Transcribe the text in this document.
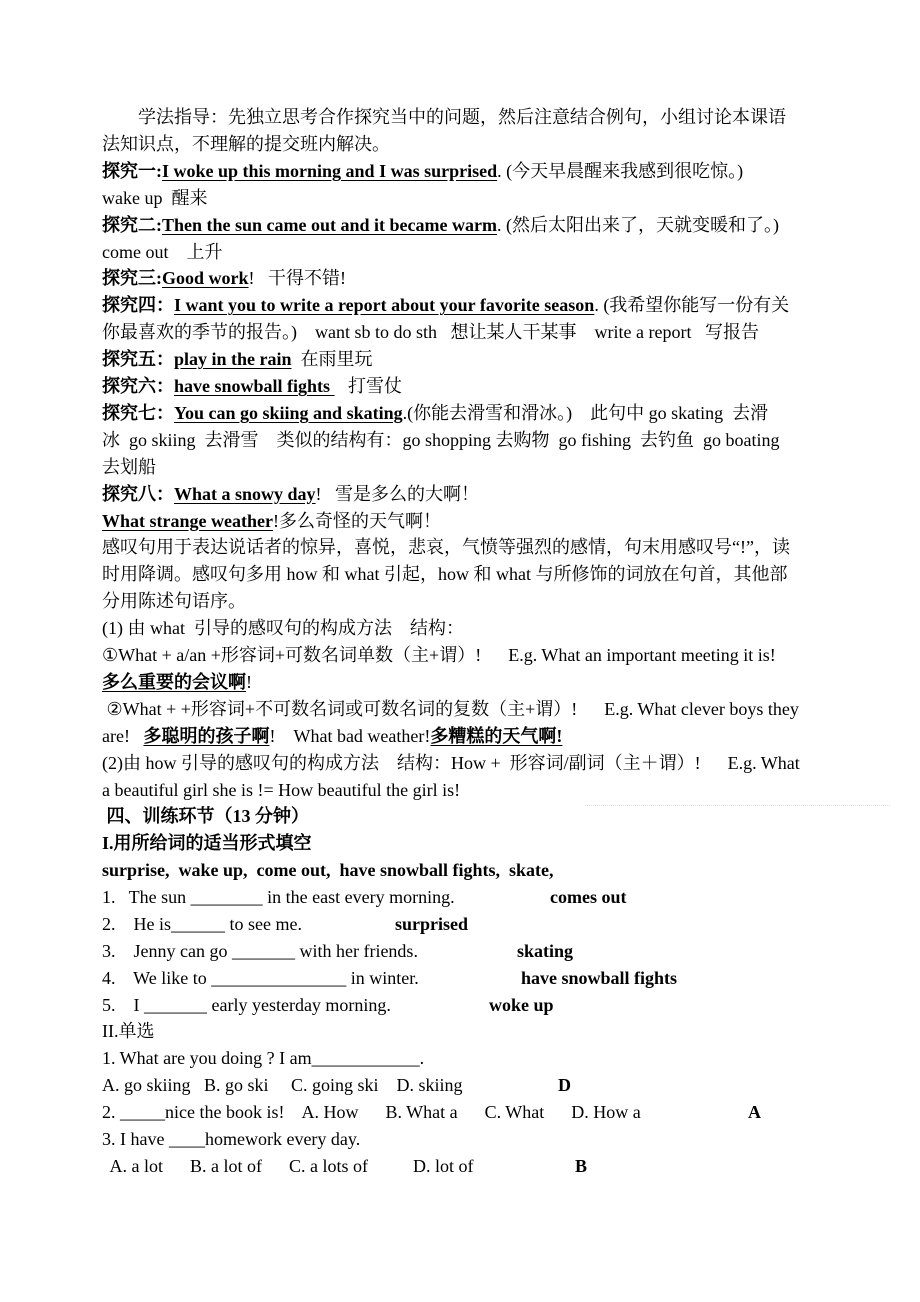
学法指导：先独立思考合作探究当中的问题，然后注意结合例句，小组讨论本课语
法知识点，不理解的提交班内解决。
探究一:I woke up this morning and I was surprised. (今天早晨醒来我感到很吃惊。)
wake up  醒来
探究二:Then the sun came out and it became warm. (然后太阳出来了，天就变暖和了。)
come out    上升
探究三:Good work!   干得不错!
探究四：I want you to write a report about your favorite season. (我希望你能写一份有关
你最喜欢的季节的报告。)    want sb to do sth   想让某人干某事    write a report   写报告
探究五：play in the rain  在雨里玩
探究六：have snowball fights    打雪仗
探究七：You can go skiing and skating.(你能去滑雪和滑冰。)    此句中 go skating  去滑
冰  go skiing  去滑雪    类似的结构有：go shopping 去购物  go fishing  去钓鱼  go boating
去划船
探究八：What a snowy day!   雪是多么的大啊！
What strange weather!多么奇怪的天气啊！
感叹句用于表达说话者的惊异，喜悦，悲哀，气愤等强烈的感情，句末用感叹号“!”，读
时用降调。感叹句多用 how 和 what 引起，how 和 what 与所修饰的词放在句首，其他部
分用陈述句语序。
(1) 由 what  引导的感叹句的构成方法    结构：
①What + a/an +形容词+可数名词单数（主+谓）!      E.g. What an important meeting it is!
多么重要的会议啊!
②What + +形容词+不可数名词或可数名词的复数（主+谓）!      E.g. What clever boys they
are!   多聪明的孩子啊!    What bad weather!多糟糕的天气啊!
(2)由 how 引导的感叹句的构成方法    结构：How +  形容词/副词（主＋谓）!      E.g. What
a beautiful girl she is != How beautiful the girl is!
四、训练环节（13 分钟）
I.用所给词的适当形式填空
surprise,  wake up,  come out,  have snowball fights,  skate,
1.   The sun ________ in the east every morning.	comes out
2.    He is______ to see me.	surprised
3.    Jenny can go _______ with her friends.	skating
4.    We like to _______________ in winter.	have snowball fights
5.    I _______ early yesterday morning.	woke up
II.单选
1. What are you doing ? I am____________.
A. go skiing   B. go ski     C. going ski    D. skiing	D
2. _____nice the book is!    A. How      B. What a      C. What      D. How a	A
3. I have ____homework every day.
A. a lot      B. a lot of      C. a lots of          D. lot of	B
